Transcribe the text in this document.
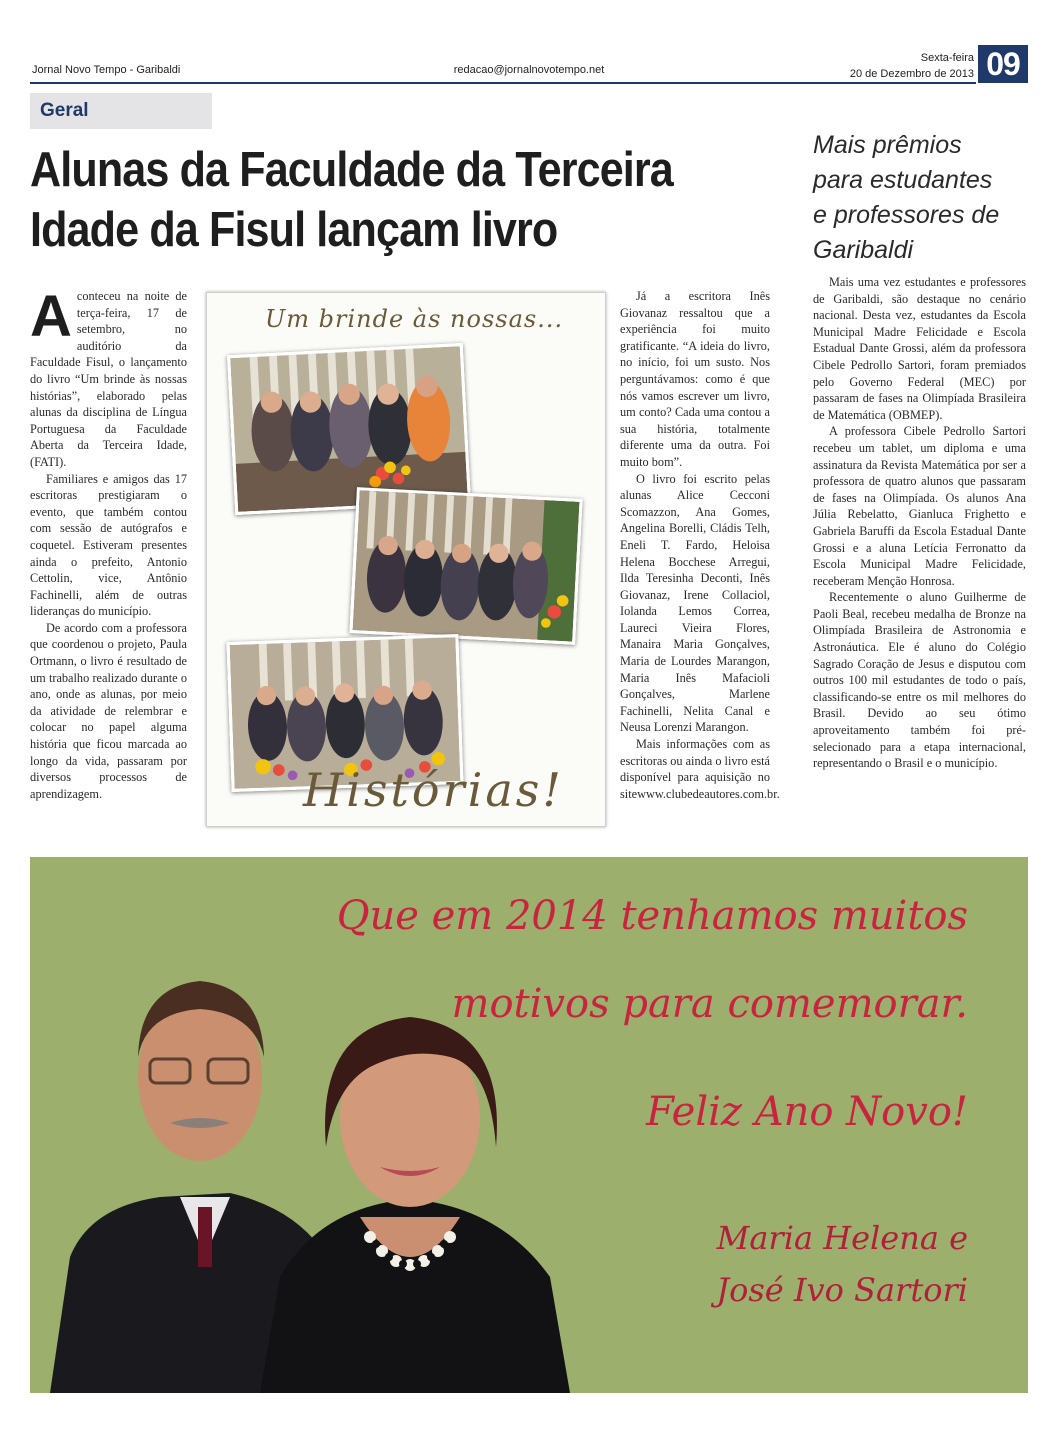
Jornal Novo Tempo - Garibaldi	redacao@jornalnovotempo.net
Sexta-feira
20 de Dezembro de 2013 09
Geral
Alunas da Faculdade da Terceira
Idade da Fisul lançam livro

Aconteceu na noite de terça-feira, 17 de setembro, no auditório da Faculdade Fisul, o lançamento do livro “Um brinde às nossas histórias”, elaborado pelas alunas da disciplina de Língua Portuguesa da Faculdade Aberta da Terceira Idade, (FATI).

Familiares e amigos das 17 escritoras prestigiaram o evento, que também contou com sessão de autógrafos e coquetel. Estiveram presentes ainda o prefeito, Antonio Cettolin, vice, Antônio Fachinelli, além de outras lideranças do município.

De acordo com a professora que coordenou o projeto, Paula Ortmann, o livro é resultado de um trabalho realizado durante o ano, onde as alunas, por meio da atividade de relembrar e colocar no papel alguma história que ficou marcada ao longo da vida, passaram por diversos processos de aprendizagem.

Um brinde às nossas...
Histórias!

Já a escritora Inês Giovanaz ressaltou que a experiência foi muito gratificante. “A ideia do livro, no início, foi um susto. Nos perguntávamos: como é que nós vamos escrever um livro, um conto? Cada uma contou a sua história, totalmente diferente uma da outra. Foi muito bom”.

O livro foi escrito pelas alunas Alice Cecconi Scomazzon, Ana Gomes, Angelina Borelli, Cládis Telh, Eneli T. Fardo, Heloisa Helena Bocchese Arregui, Ilda Teresinha Deconti, Inês Giovanaz, Irene Collaciol, Iolanda Lemos Correa, Laureci Vieira Flores, Manaira Maria Gonçalves, Maria de Lourdes Marangon, Maria Inês Mafacioli Gonçalves, Marlene Fachinelli, Nelita Canal e Neusa Lorenzi Marangon.

Mais informações com as escritoras ou ainda o livro está disponível para aquisição no sitewww.clubedeautores.com.br.

Mais prêmios
para estudantes
e professores de
Garibaldi

Mais uma vez estudantes e professores de Garibaldi, são destaque no cenário nacional. Desta vez, estudantes da Escola Municipal Madre Felicidade e Escola Estadual Dante Grossi, além da professora Cibele Pedrollo Sartori, foram premiados pelo Governo Federal (MEC) por passaram de fases na Olimpíada Brasileira de Matemática (OBMEP).

A professora Cibele Pedrollo Sartori recebeu um tablet, um diploma e uma assinatura da Revista Matemática por ser a professora de quatro alunos que passaram de fases na Olimpíada. Os alunos Ana Júlia Rebelatto, Gianluca Frighetto e Gabriela Baruffi da Escola Estadual Dante Grossi e a aluna Letícia Ferronatto da Escola Municipal Madre Felicidade, receberam Menção Honrosa.

Recentemente o aluno Guilherme de Paoli Beal, recebeu medalha de Bronze na Olimpíada Brasileira de Astronomia e Astronáutica. Ele é aluno do Colégio Sagrado Coração de Jesus e disputou com outros 100 mil estudantes de todo o país, classificando-se entre os mil melhores do Brasil. Devido ao seu ótimo aproveitamento também foi pré-selecionado para a etapa internacional, representando o Brasil e o município.

Que em 2014 tenhamos muitos
motivos para comemorar.
Feliz Ano Novo!
Maria Helena e
José Ivo Sartori
